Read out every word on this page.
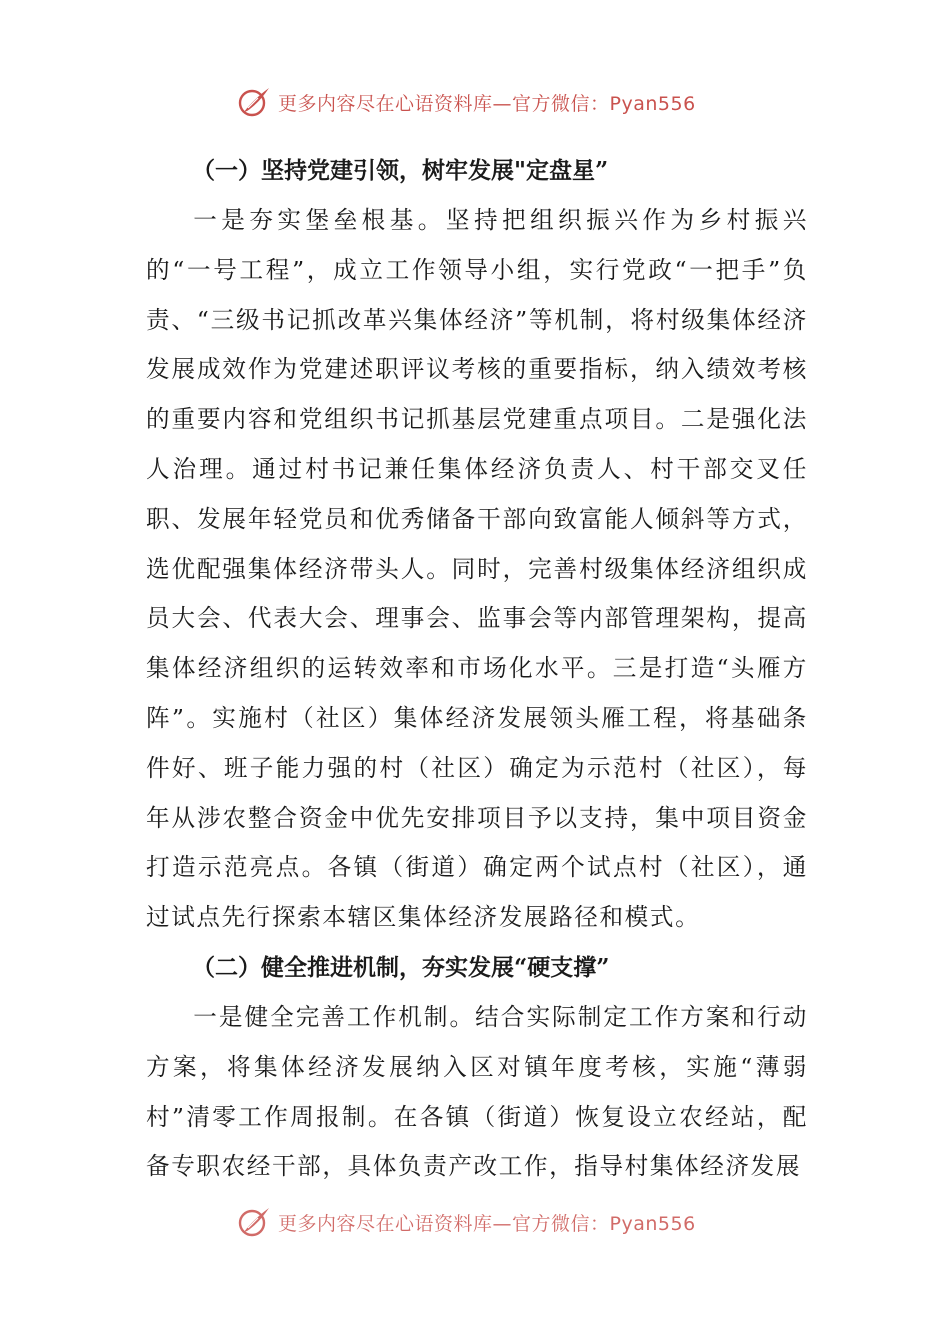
更多内容尽在心语资料库—官方微信：Pyan556
（一）坚持党建引领，树牢发展"定盘星”

一是夯实堡垒根基。坚持把组织振兴作为乡村振兴的“一号工程”，成立工作领导小组，实行党政“一把手”负责、“三级书记抓改革兴集体经济”等机制，将村级集体经济发展成效作为党建述职评议考核的重要指标，纳入绩效考核的重要内容和党组织书记抓基层党建重点项目。二是强化法人治理。通过村书记兼任集体经济负责人、村干部交叉任职、发展年轻党员和优秀储备干部向致富能人倾斜等方式，选优配强集体经济带头人。同时，完善村级集体经济组织成员大会、代表大会、理事会、监事会等内部管理架构，提高集体经济组织的运转效率和市场化水平。三是打造“头雁方阵”。实施村（社区）集体经济发展领头雁工程，将基础条件好、班子能力强的村（社区）确定为示范村（社区），每年从涉农整合资金中优先安排项目予以支持，集中项目资金打造示范亮点。各镇（街道）确定两个试点村（社区），通过试点先行探索本辖区集体经济发展路径和模式。

（二）健全推进机制，夯实发展“硬支撑”

一是健全完善工作机制。结合实际制定工作方案和行动方案，将集体经济发展纳入区对镇年度考核，实施“薄弱村”清零工作周报制。在各镇（街道）恢复设立农经站，配备专职农经干部，具体负责产改工作，指导村集体经济发展

更多内容尽在心语资料库—官方微信：Pyan556
